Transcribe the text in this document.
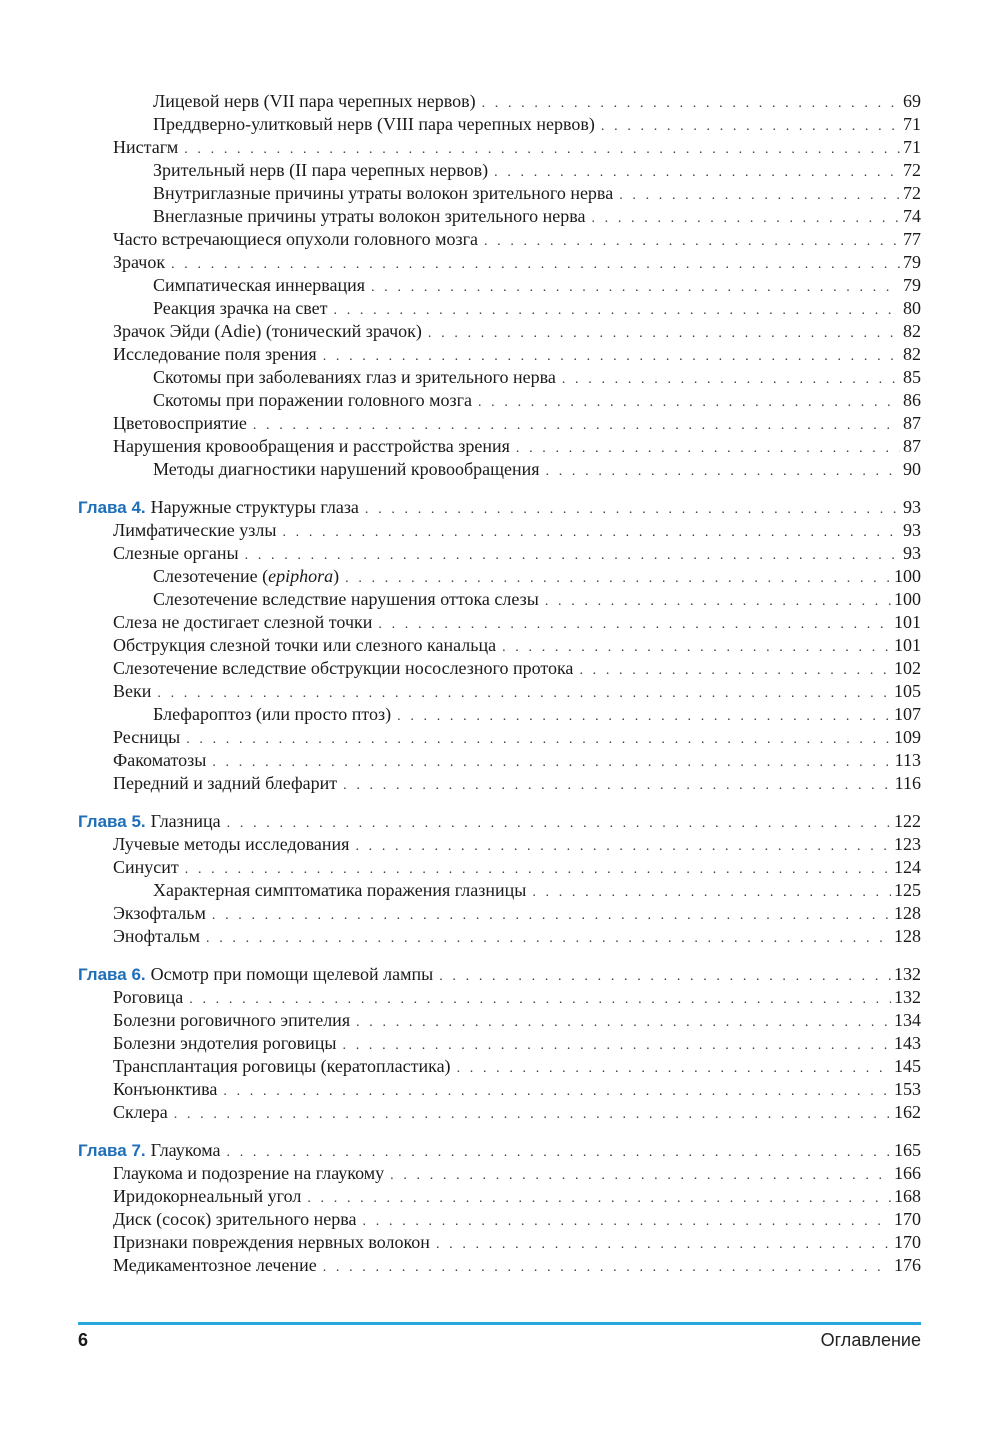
Лицевой нерв (VII пара черепных нервов) . . .	69
Преддверно-улитковый нерв (VIII пара черепных нервов) . . .	71
Нистагм . . .	71
Зрительный нерв (II пара черепных нервов) . . .	72
Внутриглазные причины утраты волокон зрительного нерва . . .	72
Внеглазные причины утраты волокон зрительного нерва . . .	74
Часто встречающиеся опухоли головного мозга . . .	77
Зрачок . . .	79
Симпатическая иннервация . . .	79
Реакция зрачка на свет . . .	80
Зрачок Эйди (Adie) (тонический зрачок) . . .	82
Исследование поля зрения . . .	82
Скотомы при заболеваниях глаз и зрительного нерва . . .	85
Скотомы при поражении головного мозга . . .	86
Цветовосприятие . . .	87
Нарушения кровообращения и расстройства зрения . . .	87
Методы диагностики нарушений кровообращения . . .	90
Глава 4. Наружные структуры глаза . . .	93
Лимфатические узлы . . .	93
Слезные органы . . .	93
Слезотечение (epiphora) . . .	100
Слезотечение вследствие нарушения оттока слезы . . .	100
Слеза не достигает слезной точки . . .	101
Обструкция слезной точки или слезного канальца . . .	101
Слезотечение вследствие обструкции носослезного протока . . .	102
Веки . . .	105
Блефароптоз (или просто птоз) . . .	107
Ресницы . . .	109
Факоматозы . . .	113
Передний и задний блефарит . . .	116
Глава 5. Глазница . . .	122
Лучевые методы исследования . . .	123
Синусит . . .	124
Характерная симптоматика поражения глазницы . . .	125
Экзофтальм . . .	128
Энофтальм . . .	128
Глава 6. Осмотр при помощи щелевой лампы . . .	132
Роговица . . .	132
Болезни роговичного эпителия . . .	134
Болезни эндотелия роговицы . . .	143
Трансплантация роговицы (кератопластика) . . .	145
Конъюнктива . . .	153
Склера . . .	162
Глава 7. Глаукома . . .	165
Глаукома и подозрение на глаукому . . .	166
Иридокорнеальный угол . . .	168
Диск (сосок) зрительного нерва . . .	170
Признаки повреждения нервных волокон . . .	170
Медикаментозное лечение . . .	176
6	Оглавление
